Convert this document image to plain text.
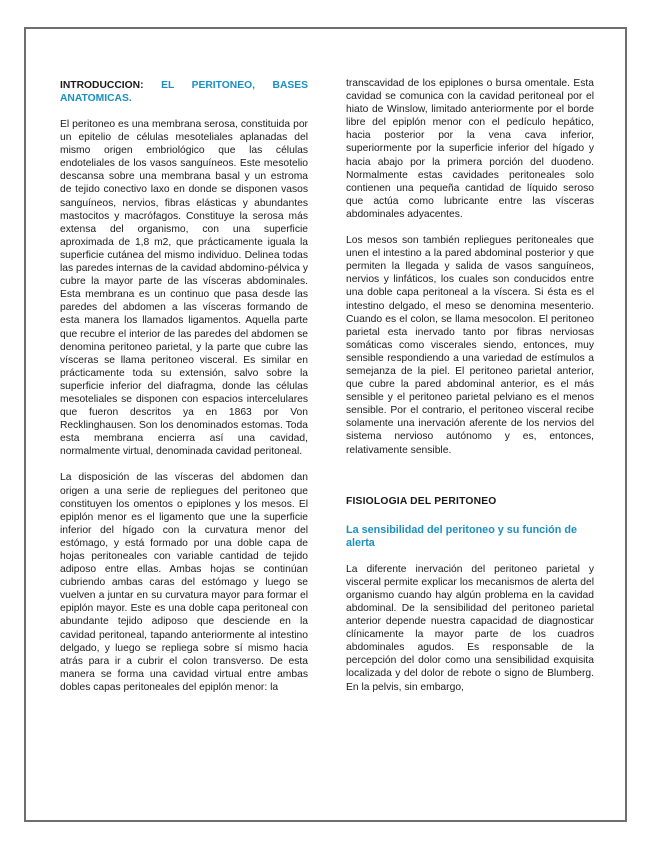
INTRODUCCION: EL PERITONEO, BASES ANATOMICAS.

El peritoneo es una membrana serosa, constituida por un epitelio de células mesoteliales aplanadas del mismo origen embriológico que las células endoteliales de los vasos sanguíneos. Este mesotelio descansa sobre una membrana basal y un estroma de tejido conectivo laxo en donde se disponen vasos sanguíneos, nervios, fibras elásticas y abundantes mastocitos y macrófagos. Constituye la serosa más extensa del organismo, con una superficie aproximada de 1,8 m2, que prácticamente iguala la superficie cutánea del mismo individuo. Delinea todas las paredes internas de la cavidad abdomino-pélvica y cubre la mayor parte de las vísceras abdominales. Esta membrana es un continuo que pasa desde las paredes del abdomen a las vísceras formando de esta manera los llamados ligamentos. Aquella parte que recubre el interior de las paredes del abdomen se denomina peritoneo parietal, y la parte que cubre las vísceras se llama peritoneo visceral. Es similar en prácticamente toda su extensión, salvo sobre la superficie inferior del diafragma, donde las células mesoteliales se disponen con espacios intercelulares que fueron descritos ya en 1863 por Von Recklinghausen. Son los denominados estomas. Toda esta membrana encierra así una cavidad, normalmente virtual, denominada cavidad peritoneal.

La disposición de las vísceras del abdomen dan origen a una serie de repliegues del peritoneo que constituyen los omentos o epiplones y los mesos. El epiplón menor es el ligamento que une la superficie inferior del hígado con la curvatura menor del estómago, y está formado por una doble capa de hojas peritoneales con variable cantidad de tejido adiposo entre ellas. Ambas hojas se continúan cubriendo ambas caras del estómago y luego se vuelven a juntar en su curvatura mayor para formar el epiplón mayor. Este es una doble capa peritoneal con abundante tejido adiposo que desciende en la cavidad peritoneal, tapando anteriormente al intestino delgado, y luego se repliega sobre sí mismo hacia atrás para ir a cubrir el colon transverso. De esta manera se forma una cavidad virtual entre ambas dobles capas peritoneales del epiplón menor: la

transcavidad de los epiplones o bursa omentale. Esta cavidad se comunica con la cavidad peritoneal por el hiato de Winslow, limitado anteriormente por el borde libre del epiplón menor con el pedículo hepático, hacia posterior por la vena cava inferior, superiormente por la superficie inferior del hígado y hacia abajo por la primera porción del duodeno. Normalmente estas cavidades peritoneales solo contienen una pequeña cantidad de líquido seroso que actúa como lubricante entre las vísceras abdominales adyacentes.

Los mesos son también repliegues peritoneales que unen el intestino a la pared abdominal posterior y que permiten la llegada y salida de vasos sanguíneos, nervios y linfáticos, los cuales son conducidos entre una doble capa peritoneal a la víscera. Si ésta es el intestino delgado, el meso se denomina mesenterio. Cuando es el colon, se llama mesocolon. El peritoneo parietal esta inervado tanto por fibras nerviosas somáticas como viscerales siendo, entonces, muy sensible respondiendo a una variedad de estímulos a semejanza de la piel. El peritoneo parietal anterior, que cubre la pared abdominal anterior, es el más sensible y el peritoneo parietal pelviano es el menos sensible. Por el contrario, el peritoneo visceral recibe solamente una inervación aferente de los nervios del sistema nervioso autónomo y es, entonces, relativamente sensible.

FISIOLOGIA DEL PERITONEO

La sensibilidad del peritoneo y su función de alerta

La diferente inervación del peritoneo parietal y visceral permite explicar los mecanismos de alerta del organismo cuando hay algún problema en la cavidad abdominal. De la sensibilidad del peritoneo parietal anterior depende nuestra capacidad de diagnosticar clínicamente la mayor parte de los cuadros abdominales agudos. Es responsable de la percepción del dolor como una sensibilidad exquisita localizada y del dolor de rebote o signo de Blumberg. En la pelvis, sin embargo,
